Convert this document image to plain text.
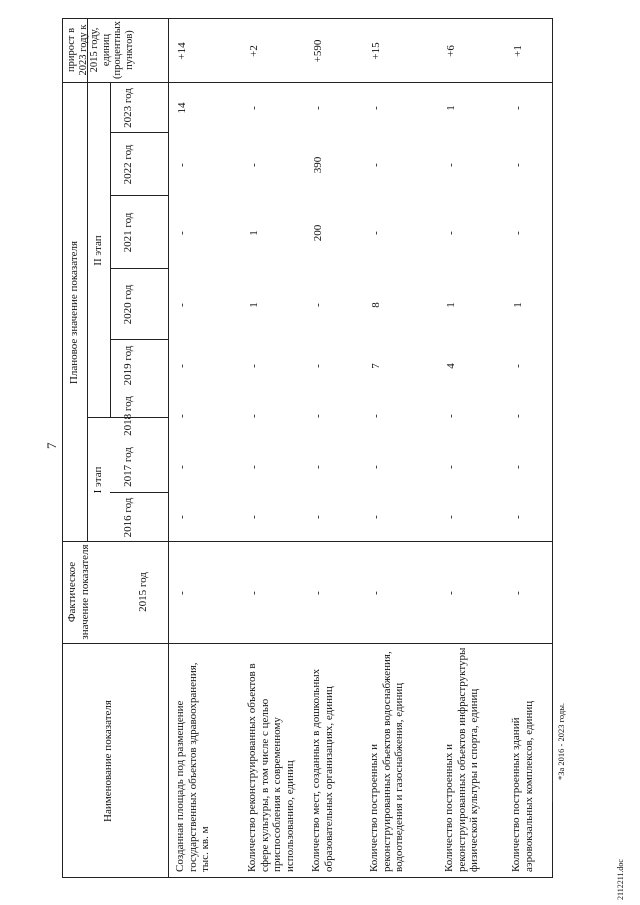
7
Наименование показателя
Фактическое значение показателя	2015 год
Плановое значение показателя
I этап
II этап
2016 год
2017 год
2018 год
2019 год
2020 год
2021 год
2022 год
2023 год
прирост в 2023 году к 2015 году, единиц (процентных пунктов)
Созданная площадь под размещение государственных объектов здравоохранения, тыс. кв. м
-
-
-
-
-
-
-
-
14
+14
Количество реконструированных объектов в сфере культуры, в том числе с целью приспособления к современному использованию, единиц
-
-
-
-
-
1
1
-
-
+2
Количество мест, созданных в дошкольных образовательных организациях, единиц
-
-
-
-
-
-
200
390
-
+590
Количество построенных и реконструированных объектов водоснабжения, водоотведения и газоснабжения, единиц
-
-
-
-
7
8
-
-
-
+15
Количество построенных и реконструированных объектов инфраструктуры физической культуры и спорта, единиц
-
-
-
-
4
1
-
-
1
+6
Количество построенных зданий аэровокзальных комплексов, единиц
-
-
-
-
-
1
-
-
-
+1
*За 2016 - 2023 годы.
2112211.doc
